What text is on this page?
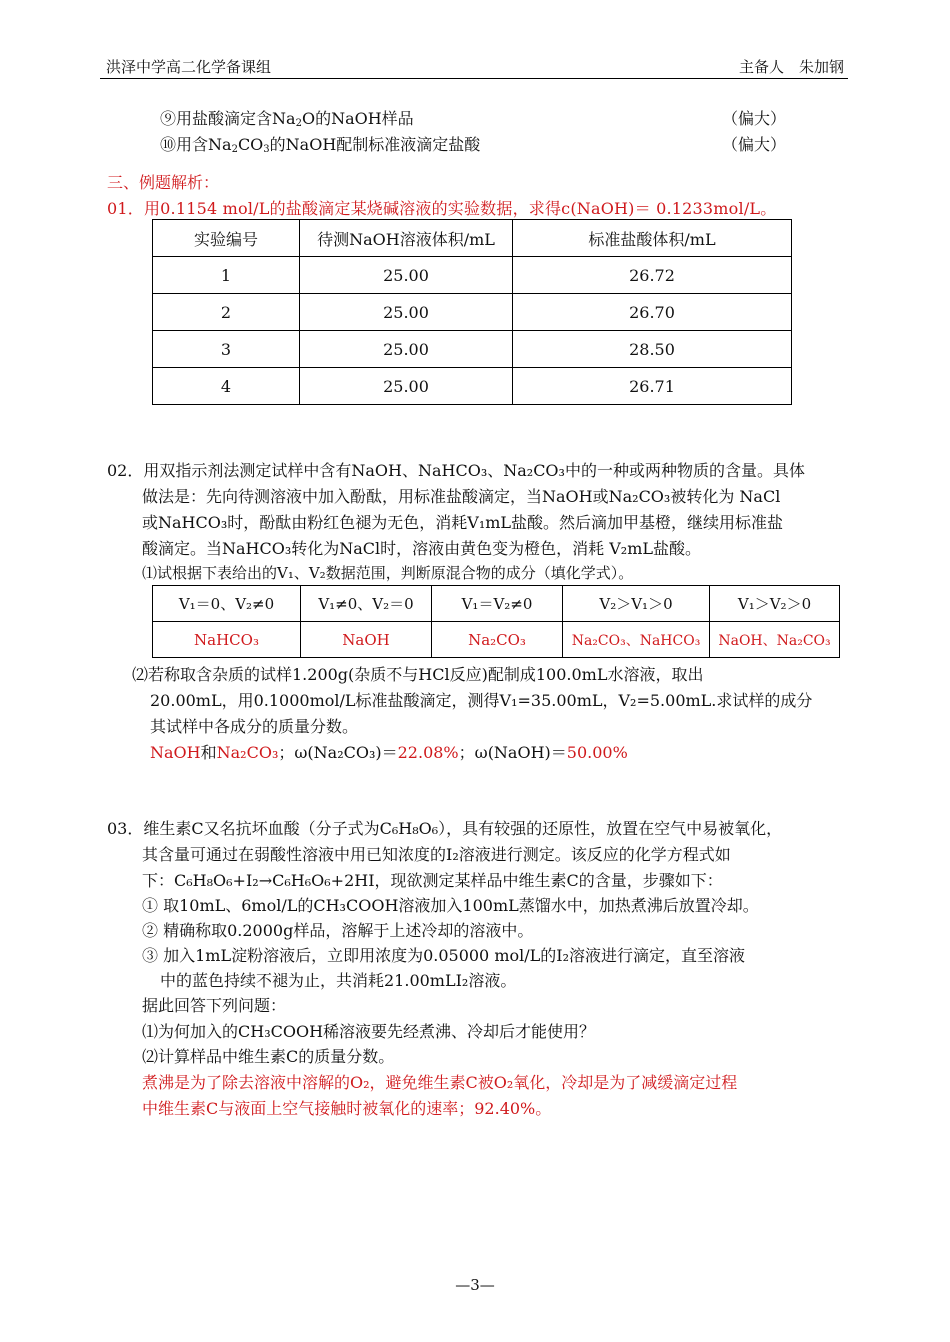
洪泽中学高二化学备课组	主备人　朱加钢
⑨用盐酸滴定含$Na_2O$的NaOH样品	（偏大）
⑩用含$Na_2CO_3$的NaOH配制标准液滴定盐酸	（偏大）
三、例题解析：
01．用0.1154 mol/L的盐酸滴定某烧碱溶液的实验数据，求得c(NaOH)＝ 0.1233mol/L。
实验编号	待测NaOH溶液体积/mL	标准盐酸体积/mL
1	25.00	26.72
2	25.00	26.70
3	25.00	28.50
4	25.00	26.71
02．用双指示剂法测定试样中含有NaOH、NaHCO₃、Na₂CO₃中的一种或两种物质的含量。具体
做法是：先向待测溶液中加入酚酞，用标准盐酸滴定，当NaOH或Na₂CO₃被转化为 NaCl
或NaHCO₃时，酚酞由粉红色褪为无色，消耗V₁mL盐酸。然后滴加甲基橙，继续用标准盐
酸滴定。当NaHCO₃转化为NaCl时，溶液由黄色变为橙色，消耗 V₂mL盐酸。
⑴试根据下表给出的V₁、V₂数据范围，判断原混合物的成分（填化学式）。
V₁＝0、V₂≠0	V₁≠0、V₂＝0	V₁＝V₂≠0	V₂＞V₁＞0	V₁＞V₂＞0
NaHCO₃	NaOH	Na₂CO₃	Na₂CO₃、NaHCO₃	NaOH、Na₂CO₃
⑵若称取含杂质的试样1.200g(杂质不与HCl反应)配制成100.0mL水溶液，取出
20.00mL，用0.1000mol/L标准盐酸滴定，测得V₁=35.00mL，V₂=5.00mL.求试样的成分
其试样中各成分的质量分数。
NaOH和Na₂CO₃；ω(Na₂CO₃)＝22.08%；ω(NaOH)＝50.00%
03．维生素C又名抗坏血酸（分子式为C₆H₈O₆），具有较强的还原性，放置在空气中易被氧化，
其含量可通过在弱酸性溶液中用已知浓度的I₂溶液进行测定。该反应的化学方程式如
下：C₆H₈O₆+I₂→C₆H₆O₆+2HI，现欲测定某样品中维生素C的含量，步骤如下：
① 取10mL、6mol/L的CH₃COOH溶液加入100mL蒸馏水中，加热煮沸后放置冷却。
② 精确称取0.2000g样品，溶解于上述冷却的溶液中。
③ 加入1mL淀粉溶液后，立即用浓度为0.05000 mol/L的I₂溶液进行滴定，直至溶液
中的蓝色持续不褪为止，共消耗21.00mLI₂溶液。
据此回答下列问题：
⑴为何加入的CH₃COOH稀溶液要先经煮沸、冷却后才能使用？
⑵计算样品中维生素C的质量分数。
煮沸是为了除去溶液中溶解的O₂，避免维生素C被O₂氧化，冷却是为了减缓滴定过程
中维生素C与液面上空气接触时被氧化的速率；92.40%。
—3—
